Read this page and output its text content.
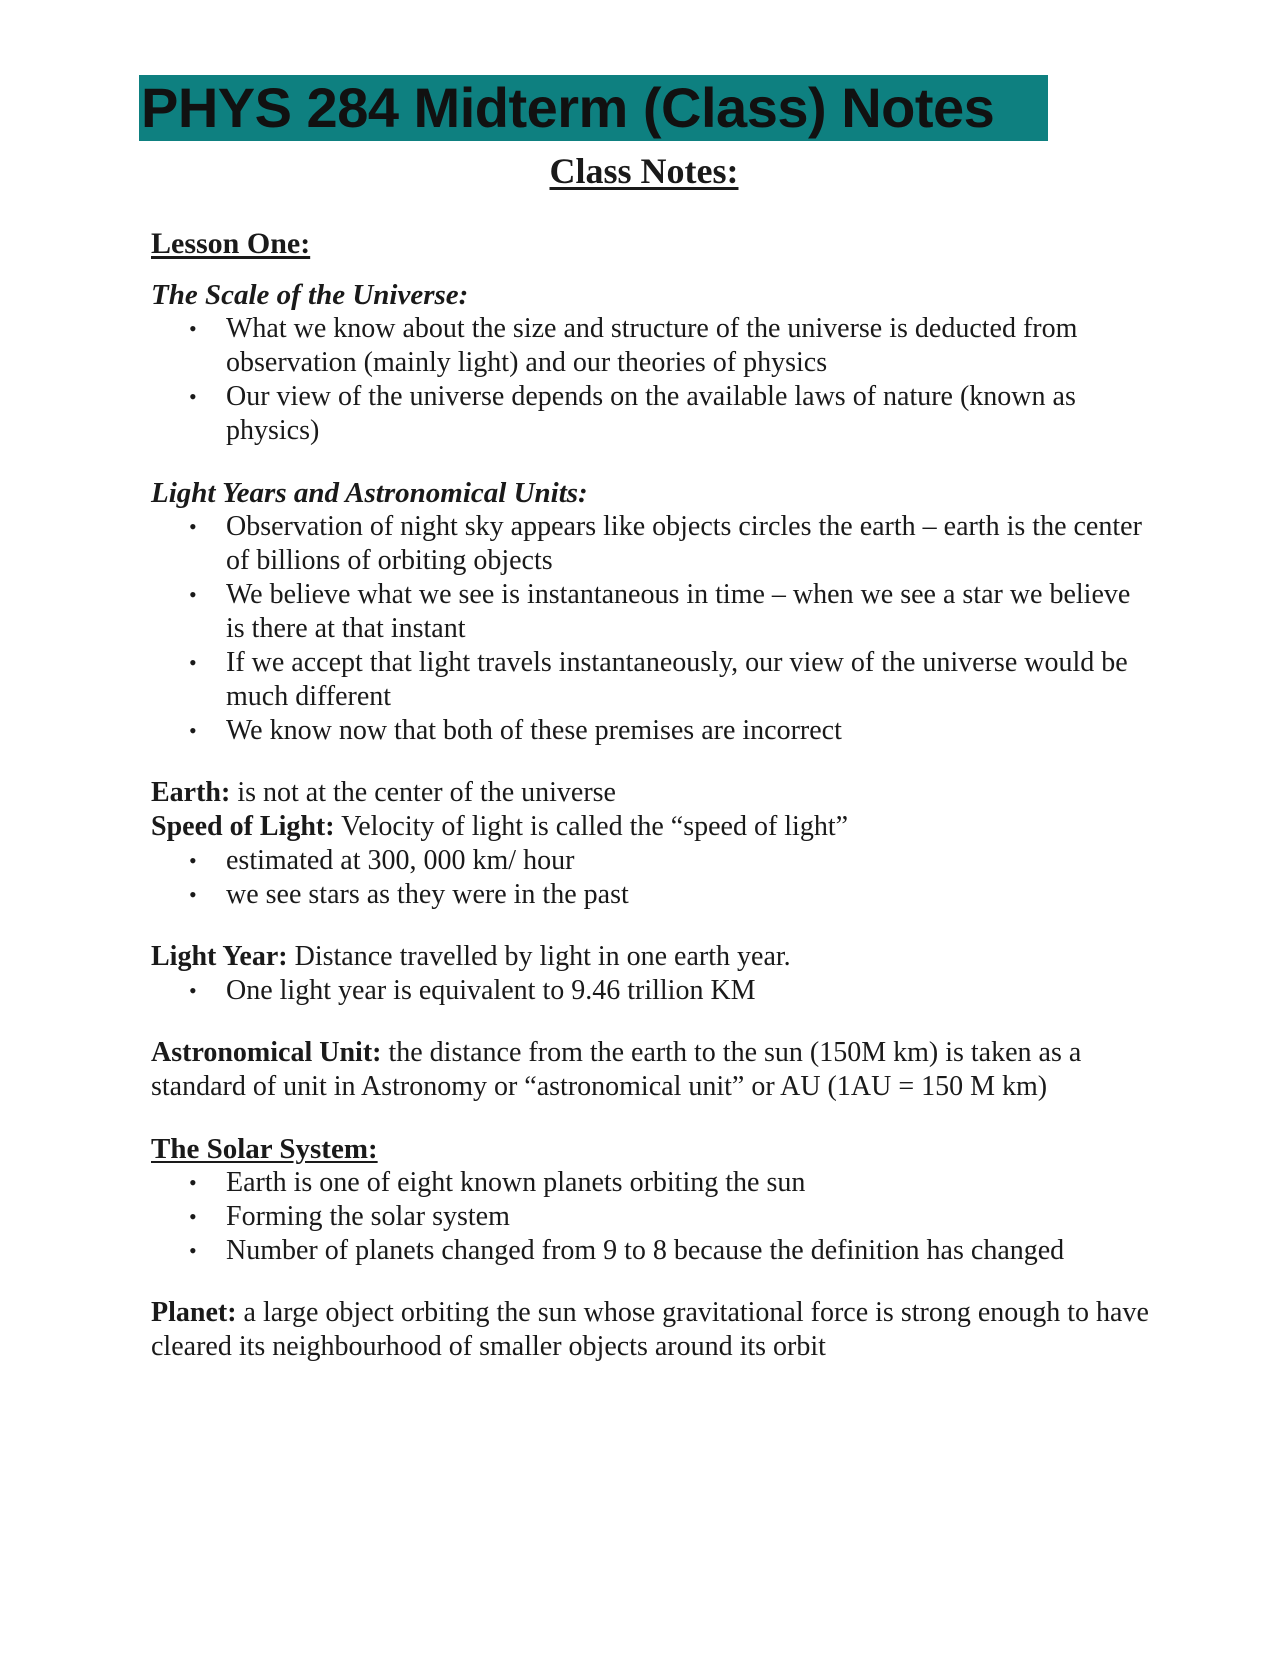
PHYS 284 Midterm (Class) Notes
Class Notes:
Lesson One:
The Scale of the Universe:
• What we know about the size and structure of the universe is deducted from observation (mainly light) and our theories of physics
• Our view of the universe depends on the available laws of nature (known as physics)
Light Years and Astronomical Units:
• Observation of night sky appears like objects circles the earth – earth is the center of billions of orbiting objects
• We believe what we see is instantaneous in time – when we see a star we believe is there at that instant
• If we accept that light travels instantaneously, our view of the universe would be much different
• We know now that both of these premises are incorrect

Earth: is not at the center of the universe

Speed of Light: Velocity of light is called the “speed of light”

• estimated at 300, 000 km/ hour
• we see stars as they were in the past

Light Year: Distance travelled by light in one earth year.

• One light year is equivalent to 9.46 trillion KM

Astronomical Unit: the distance from the earth to the sun (150M km) is taken as a standard of unit in Astronomy or “astronomical unit” or AU (1AU = 150 M km)

The Solar System:
• Earth is one of eight known planets orbiting the sun
• Forming the solar system
• Number of planets changed from 9 to 8 because the definition has changed

Planet: a large object orbiting the sun whose gravitational force is strong enough to have cleared its neighbourhood of smaller objects around its orbit
